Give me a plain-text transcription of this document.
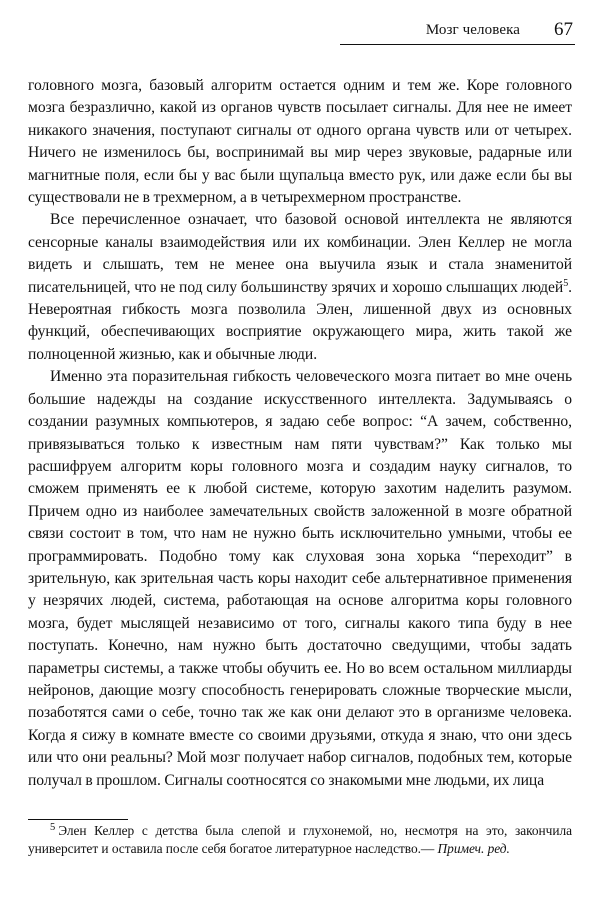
Мозг человека 67

головного мозга, базовый алгоритм остается одним и тем же. Коре головного мозга безразлично, какой из органов чувств посылает сигналы. Для нее не имеет никакого значения, поступают сигналы от одного органа чувств или от четырех. Ничего не изменилось бы, воспринимай вы мир через звуковые, радарные или магнитные поля, если бы у вас были щупальца вместо рук, или даже если бы вы существовали не в трехмерном, а в четырехмерном пространстве.

Все перечисленное означает, что базовой основой интеллекта не являются сенсорные каналы взаимодействия или их комбинации. Элен Келлер не могла видеть и слышать, тем не менее она выучила язык и стала знаменитой писательницей, что не под силу большинству зрячих и хорошо слышащих людей$^5$. Невероятная гибкость мозга позволила Элен, лишенной двух из основных функций, обеспечивающих восприятие окружающего мира, жить такой же полноценной жизнью, как и обычные люди.

Именно эта поразительная гибкость человеческого мозга питает во мне очень большие надежды на создание искусственного интеллекта. Задумываясь о создании разумных компьютеров, я задаю себе вопрос: “А зачем, собственно, привязываться только к известным нам пяти чувствам?” Как только мы расшифруем алгоритм коры головного мозга и создадим науку сигналов, то сможем применять ее к любой системе, которую захотим наделить разумом. Причем одно из наиболее замечательных свойств заложенной в мозге обратной связи состоит в том, что нам не нужно быть исключительно умными, чтобы ее программировать. Подобно тому как слуховая зона хорька “переходит” в зрительную, как зрительная часть коры находит себе альтернативное применения у незрячих людей, система, работающая на основе алгоритма коры головного мозга, будет мыслящей независимо от того, сигналы какого типа буду в нее поступать. Конечно, нам нужно быть достаточно сведущими, чтобы задать параметры системы, а также чтобы обучить ее. Но во всем остальном миллиарды нейронов, дающие мозгу способность генерировать сложные творческие мысли, позаботятся сами о себе, точно так же как они делают это в организме человека. Когда я сижу в комнате вместе со своими друзьями, откуда я знаю, что они здесь или что они реальны? Мой мозг получает набор сигналов, подобных тем, которые получал в прошлом. Сигналы соотносятся со знакомыми мне людьми, их лица

$^5$ Элен Келлер с детства была слепой и глухонемой, но, несмотря на это, закончила университет и оставила после себя богатое литературное наследство.— Примеч. ред.
